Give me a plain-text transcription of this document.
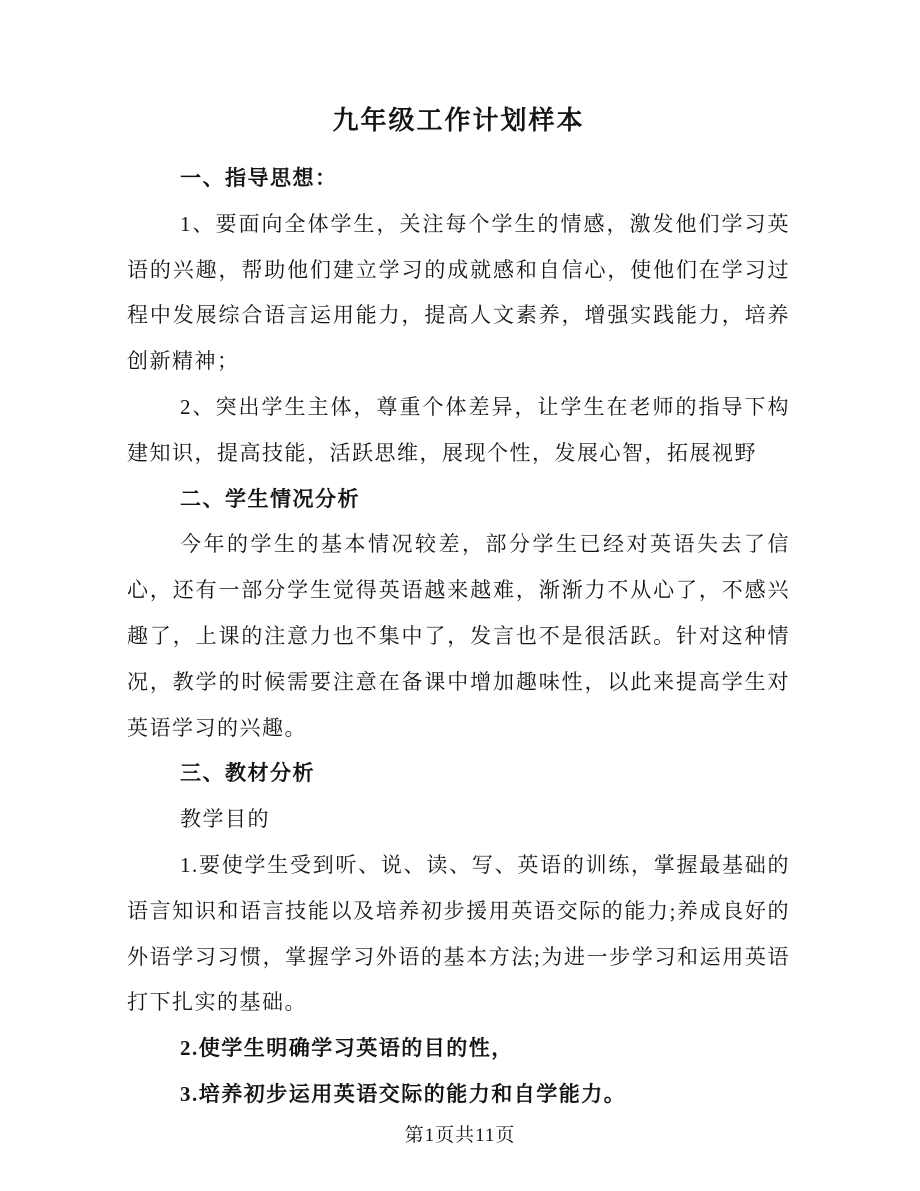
九年级工作计划样本

一、指导思想：

1、要面向全体学生，关注每个学生的情感，激发他们学习英语的兴趣，帮助他们建立学习的成就感和自信心，使他们在学习过程中发展综合语言运用能力，提高人文素养，增强实践能力，培养创新精神；

2、突出学生主体，尊重个体差异，让学生在老师的指导下构建知识，提高技能，活跃思维，展现个性，发展心智，拓展视野

二、学生情况分析

今年的学生的基本情况较差，部分学生已经对英语失去了信心，还有一部分学生觉得英语越来越难，渐渐力不从心了，不感兴趣了，上课的注意力也不集中了，发言也不是很活跃。针对这种情况，教学的时候需要注意在备课中增加趣味性，以此来提高学生对英语学习的兴趣。

三、教材分析

教学目的

1.要使学生受到听、说、读、写、英语的训练，掌握最基础的语言知识和语言技能以及培养初步援用英语交际的能力;养成良好的外语学习习惯，掌握学习外语的基本方法;为进一步学习和运用英语打下扎实的基础。

2.使学生明确学习英语的目的性，

3.培养初步运用英语交际的能力和自学能力。

第1页共11页
